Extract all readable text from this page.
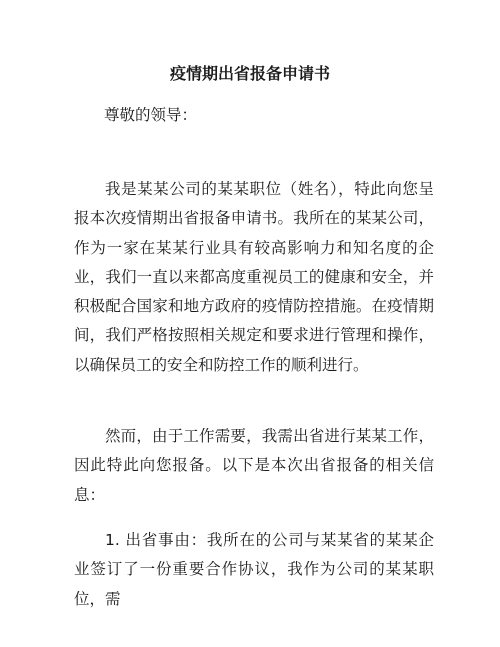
疫情期出省报备申请书

尊敬的领导：

我是某某公司的某某职位（姓名），特此向您呈报本次疫情期出省报备申请书。我所在的某某公司，作为一家在某某行业具有较高影响力和知名度的企业，我们一直以来都高度重视员工的健康和安全，并积极配合国家和地方政府的疫情防控措施。在疫情期间，我们严格按照相关规定和要求进行管理和操作，以确保员工的安全和防控工作的顺利进行。

然而，由于工作需要，我需出省进行某某工作，因此特此向您报备。以下是本次出省报备的相关信息：

1. 出省事由：我所在的公司与某某省的某某企业签订了一份重要合作协议，我作为公司的某某职位，需
